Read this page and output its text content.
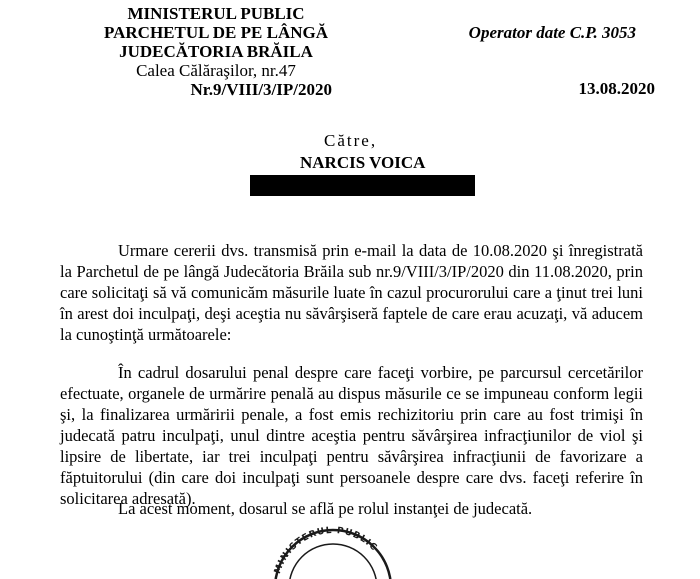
MINISTERUL PUBLIC
PARCHETUL DE PE LÂNGĂ
JUDECĂTORIA BRĂILA
Calea Călăraşilor, nr.47
Nr.9/VIII/3/IP/2020
Operator date C.P. 3053
13.08.2020
Către,
NARCIS VOICA
Urmare cererii dvs. transmisă prin e-mail la data de 10.08.2020 şi înregistrată la Parchetul de pe lângă Judecătoria Brăila sub nr.9/VIII/3/IP/2020 din 11.08.2020, prin care solicitaţi să vă comunicăm măsurile luate în cazul procurorului care a ţinut trei luni în arest doi inculpaţi, deşi aceştia nu săvârşiseră faptele de care erau acuzaţi, vă aducem la cunoştinţă următoarele:
În cadrul dosarului penal despre care faceţi vorbire, pe parcursul cercetărilor efectuate, organele de urmărire penală au dispus măsurile ce se impuneau conform legii şi, la finalizarea urmăririi penale, a fost emis rechizitoriu prin care au fost trimişi în judecată patru inculpaţi, unul dintre aceştia pentru săvârşirea infracţiunilor de viol şi lipsire de libertate, iar trei inculpaţi pentru săvârşirea infracţiunii de favorizare a făptuitorului (din care doi inculpaţi sunt persoanele despre care dvs. faceţi referire în solicitarea adresată).
La acest moment, dosarul se află pe rolul instanţei de judecată.
MINISTERUL PUBLIC
